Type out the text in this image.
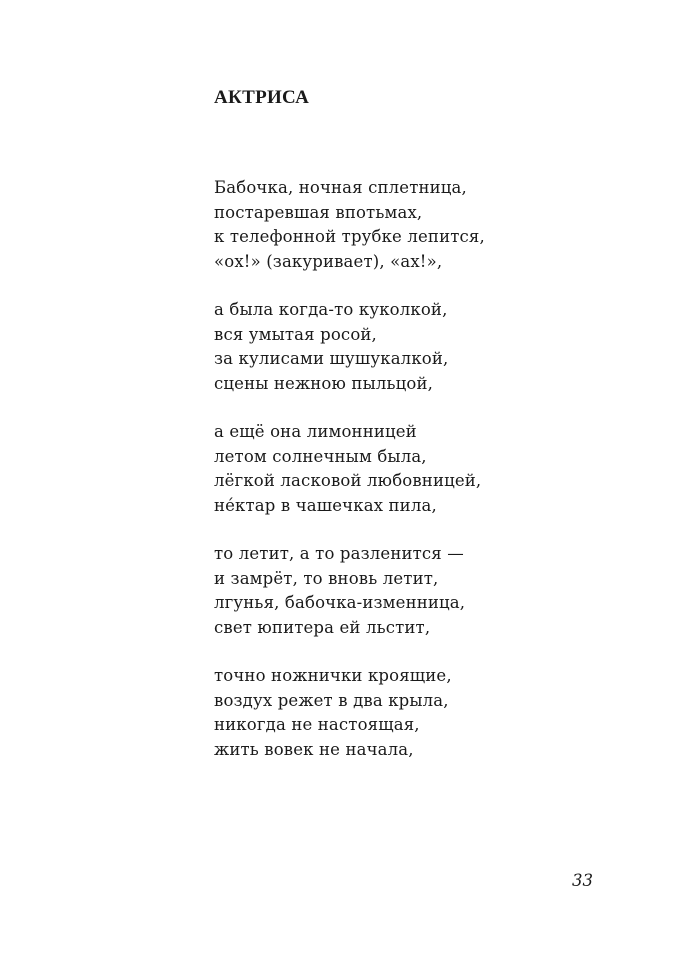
АКТРИСА
Бабочка, ночная сплетница,
постаревшая впотьмах,
к телефонной трубке лепится,
«ох!» (закуривает), «ах!»,
а была когда-то куколкой,
вся умытая росой,
за кулисами шушукалкой,
сцены нежною пыльцой,
а ещё она лимонницей
летом солнечным была,
лёгкой ласковой любовницей,
не́ктар в чашечках пила,
то летит, а то разленится —
и замрёт, то вновь летит,
лгунья, бабочка-изменница,
свет юпитера ей льстит,
точно ножнички кроящие,
воздух режет в два крыла,
никогда не настоящая,
жить вовек не начала,
33
